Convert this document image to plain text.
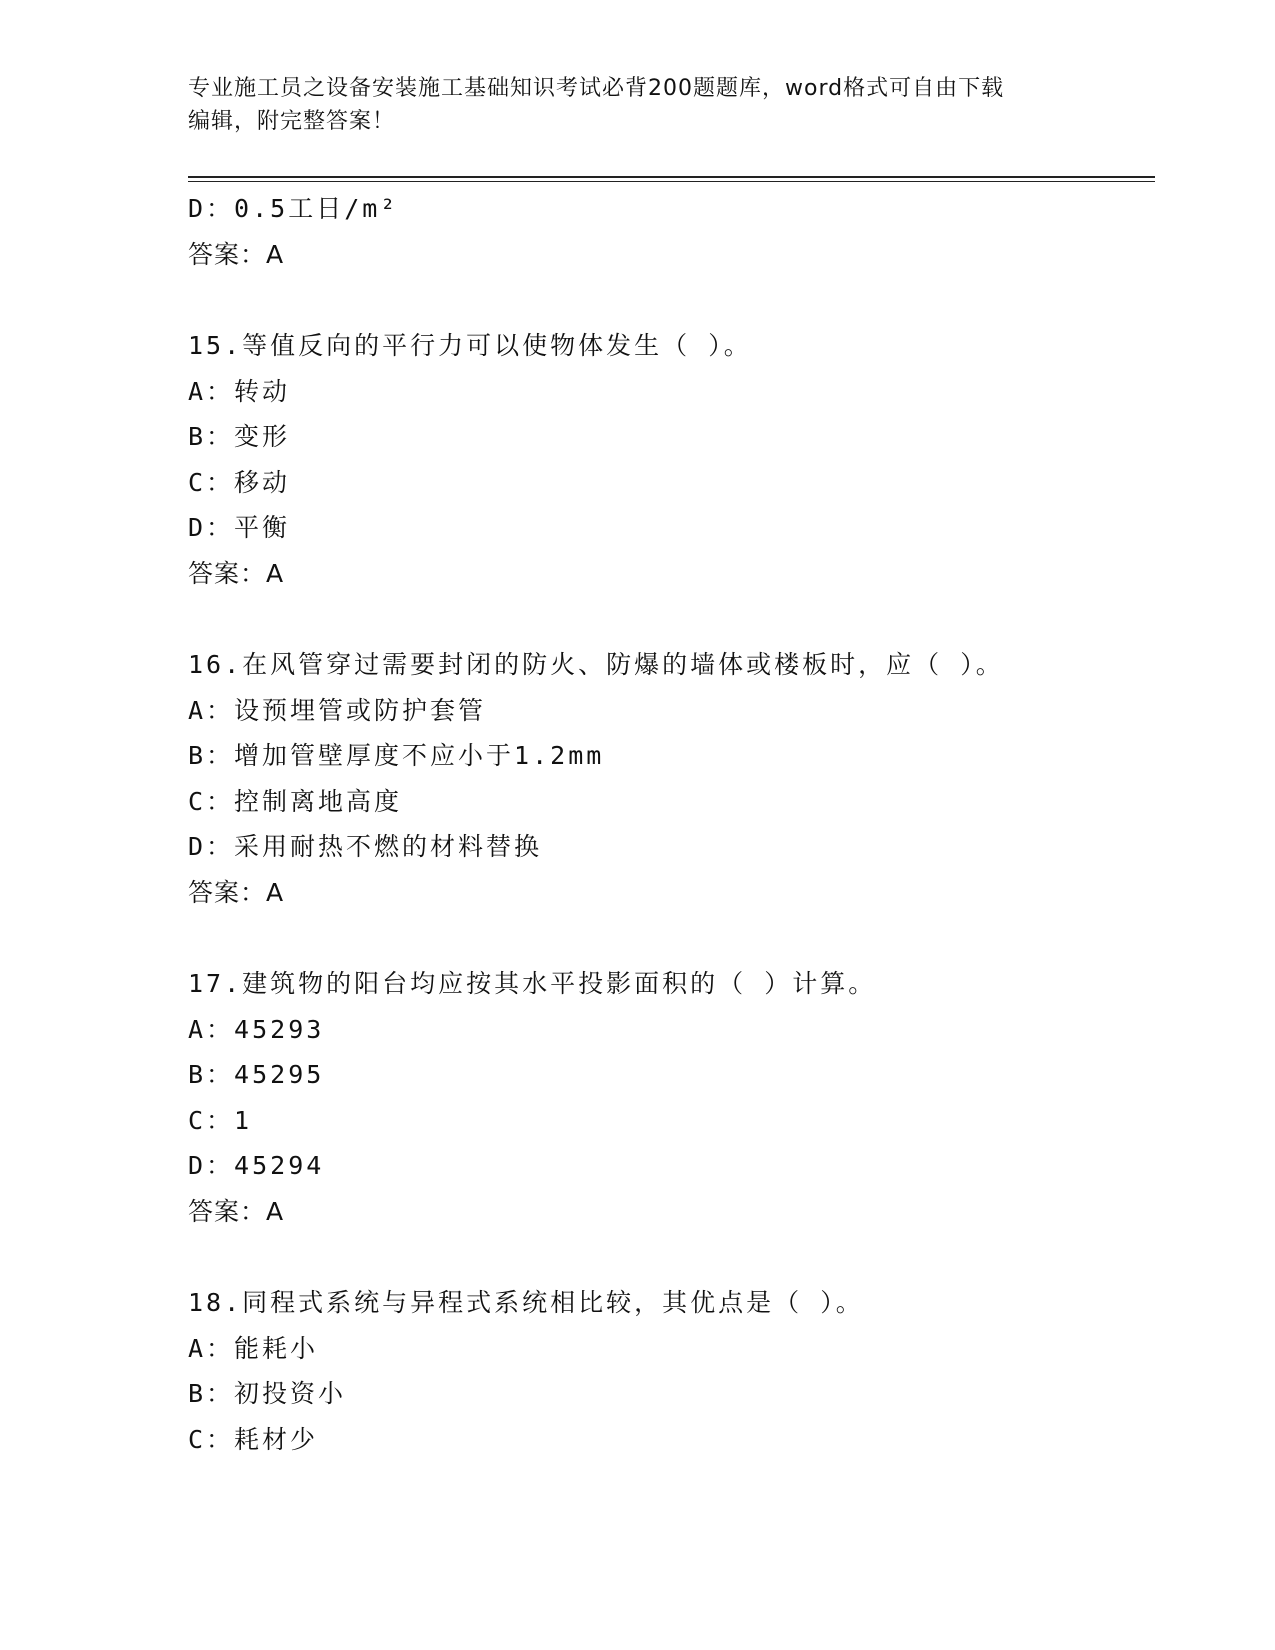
专业施工员之设备安装施工基础知识考试必背200题题库，word格式可自由下载
编辑，附完整答案！
D：0.5工日/m²
答案：A
15.等值反向的平行力可以使物体发生（ ）。
A：转动
B：变形
C：移动
D：平衡
答案：A
16.在风管穿过需要封闭的防火、防爆的墙体或楼板时，应（ ）。
A：设预埋管或防护套管
B：增加管壁厚度不应小于1.2mm
C：控制离地高度
D：采用耐热不燃的材料替换
答案：A
17.建筑物的阳台均应按其水平投影面积的（ ）计算。
A：45293
B：45295
C：1
D：45294
答案：A
18.同程式系统与异程式系统相比较，其优点是（ ）。
A：能耗小
B：初投资小
C：耗材少
